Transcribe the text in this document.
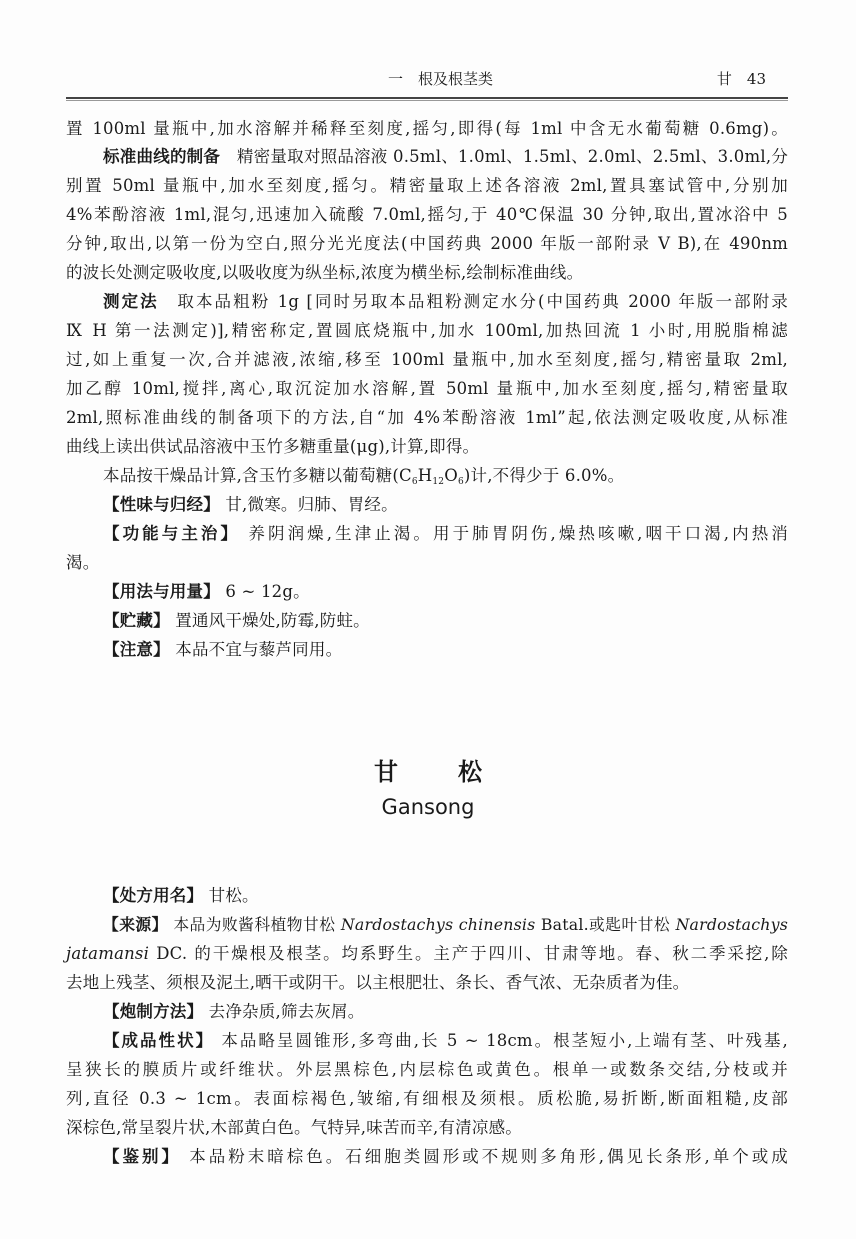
一　根及根茎类	甘　43
置 100ml 量瓶中,加水溶解并稀释至刻度,摇匀,即得(每 1ml 中含无水葡萄糖 0.6mg)。
标准曲线的制备　 精密量取对照品溶液 0.5ml、1.0ml、1.5ml、2.0ml、2.5ml、3.0ml,分
别置 50ml 量瓶中,加水至刻度,摇匀。精密量取上述各溶液 2ml,置具塞试管中,分别加
4%苯酚溶液 1ml,混匀,迅速加入硫酸 7.0ml,摇匀,于 40℃保温 30 分钟,取出,置冰浴中 5
分钟,取出,以第一份为空白,照分光光度法(中国药典 2000 年版一部附录 V B),在 490nm
的波长处测定吸收度,以吸收度为纵坐标,浓度为横坐标,绘制标准曲线。
测定法　 取本品粗粉 1g [同时另取本品粗粉测定水分(中国药典 2000 年版一部附录
Ⅸ H 第一法测定)],精密称定,置圆底烧瓶中,加水 100ml,加热回流 1 小时,用脱脂棉滤
过,如上重复一次,合并滤液,浓缩,移至 100ml 量瓶中,加水至刻度,摇匀,精密量取 2ml,
加乙醇 10ml,搅拌,离心,取沉淀加水溶解,置 50ml 量瓶中,加水至刻度,摇匀,精密量取
2ml,照标准曲线的制备项下的方法,自“加 4%苯酚溶液 1ml”起,依法测定吸收度,从标准
曲线上读出供试品溶液中玉竹多糖重量(μg),计算,即得。
本品按干燥品计算,含玉竹多糖以葡萄糖$(C_6H_{12}O_6)$计,不得少于 6.0%。
【性味与归经】 甘,微寒。归肺、胃经。
【功能与主治】 养阴润燥,生津止渴。用于肺胃阴伤,燥热咳嗽,咽干口渴,内热消
渴。
【用法与用量】 6 ~ 12g。
【贮藏】 置通风干燥处,防霉,防蛀。
【注意】 本品不宜与藜芦同用。
甘	松
Gansong
【处方用名】 甘松。
【来源】 本品为败酱科植物甘松 Nardostachys chinensis Batal.或匙叶甘松 Nardostachys
jatamansi DC. 的干燥根及根茎。均系野生。主产于四川、甘肃等地。春、秋二季采挖,除
去地上残茎、须根及泥土,晒干或阴干。以主根肥壮、条长、香气浓、无杂质者为佳。
【炮制方法】 去净杂质,筛去灰屑。
【成品性状】 本品略呈圆锥形,多弯曲,长 5 ~ 18cm。根茎短小,上端有茎、叶残基,
呈狭长的膜质片或纤维状。外层黑棕色,内层棕色或黄色。根单一或数条交结,分枝或并
列,直径 0.3 ~ 1cm。表面棕褐色,皱缩,有细根及须根。质松脆,易折断,断面粗糙,皮部
深棕色,常呈裂片状,木部黄白色。气特异,味苦而辛,有清凉感。
【鉴别】 本品粉末暗棕色。石细胞类圆形或不规则多角形,偶见长条形,单个或成
